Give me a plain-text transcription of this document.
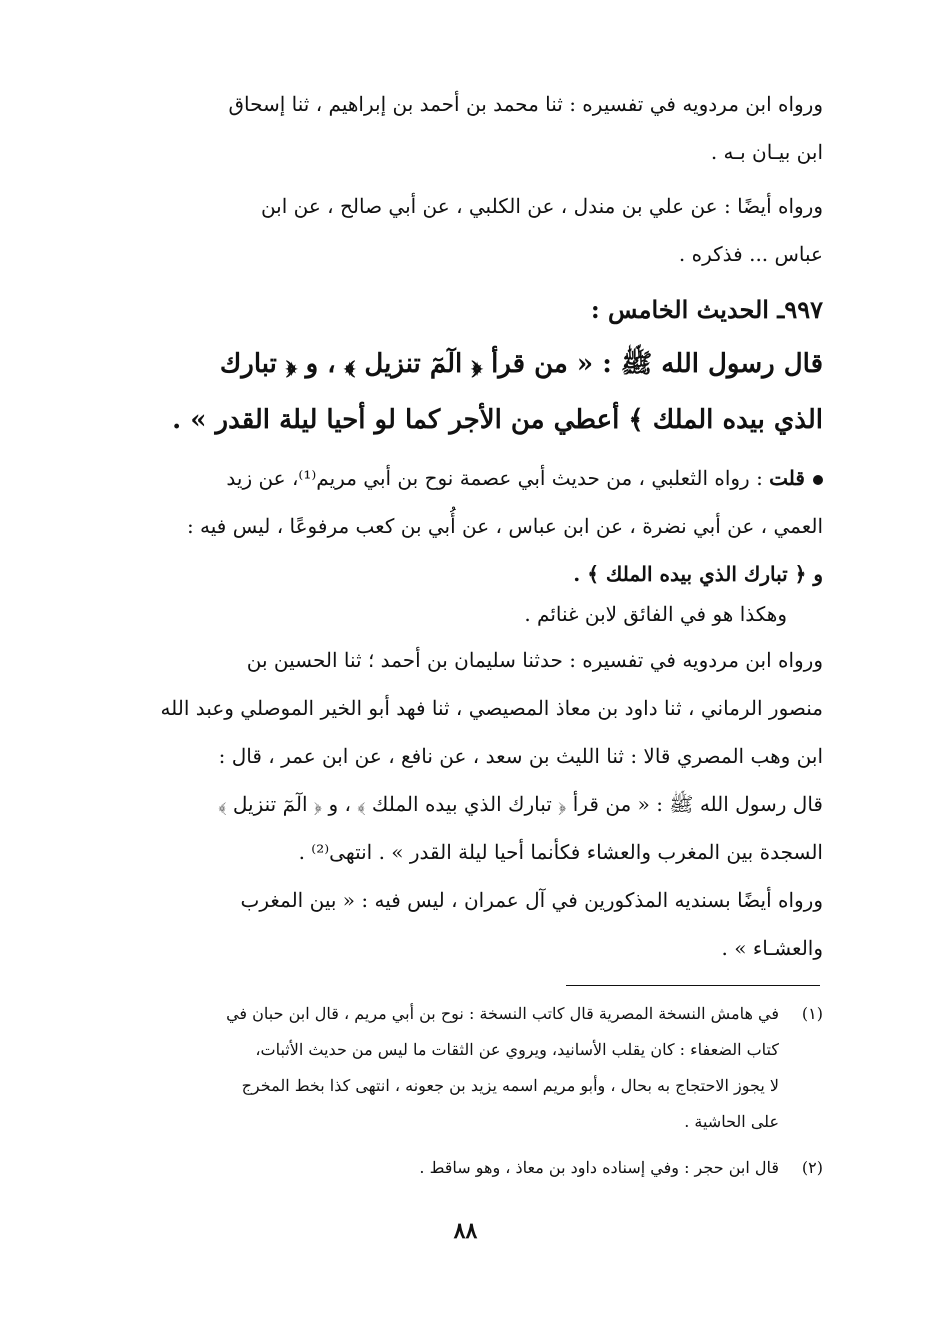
ورواه ابن مردويه في تفسيره : ثنا محمد بن أحمد بن إبراهيم ، ثنا إسحاق
ابن بيـان بـه .
ورواه أيضًا : عن علي بن مندل ، عن الكلبي ، عن أبي صالح ، عن ابن
عباس ... فذكره .
٩٩٧ـ الحديث الخامس :
قال رسول الله ﷺ : « من قرأ ﴿ الٓمٓ تنزيل ﴾ ، و ﴿ تبارك
الذي بيده الملك ﴾ أعطي من الأجر كما لو أحيا ليلة القدر » .
قلت : رواه الثعلبي ، من حديث أبي عصمة نوح بن أبي مريم⁽¹⁾، عن زيد
العمي ، عن أبي نضرة ، عن ابن عباس ، عن أُبي بن كعب مرفوعًا ، ليس فيه :
و ﴿ تبارك الذي بيده الملك ﴾ .
وهكذا هو في الفائق لابن غنائم .
ورواه ابن مردويه في تفسيره : حدثنا سليمان بن أحمد ؛ ثنا الحسين بن
منصور الرماني ، ثنا داود بن معاذ المصيصي ، ثنا فهد أبو الخير الموصلي وعبد الله
ابن وهب المصري قالا : ثنا الليث بن سعد ، عن نافع ، عن ابن عمر ، قال :
قال رسول الله ﷺ : « من قرأ ﴿ تبارك الذي بيده الملك ﴾ ، و ﴿ الٓمٓ تنزيل ﴾
السجدة بين المغرب والعشاء فكأنما أحيا ليلة القدر » . انتهى⁽²⁾ .
ورواه أيضًا بسنديه المذكورين في آل عمران ، ليس فيه : « بين المغرب
والعشـاء » .
(١)في هامش النسخة المصرية قال كاتب النسخة : نوح بن أبي مريم ، قال ابن حبان في
كتاب الضعفاء : كان يقلب الأسانيد، ويروي عن الثقات ما ليس من حديث الأثبات،
لا يجوز الاحتجاج به بحال ، وأبو مريم اسمه يزيد بن جعونه ، انتهى كذا بخط المخرج
على الحاشية .
(٢)قال ابن حجر : وفي إسناده داود بن معاذ ، وهو ساقط .
٨٨
